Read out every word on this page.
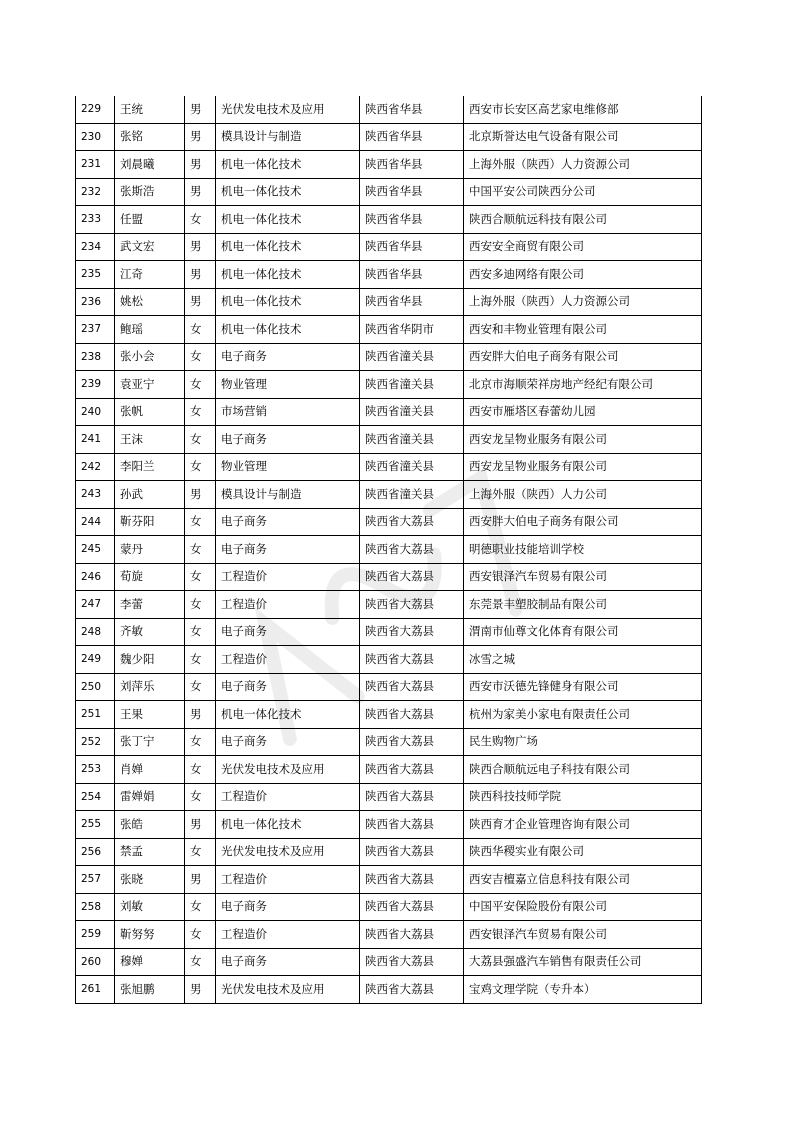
229	王统	男	光伏发电技术及应用	陕西省华县	西安市长安区高艺家电维修部
230	张铭	男	模具设计与制造	陕西省华县	北京斯誉达电气设备有限公司
231	刘晨曦	男	机电一体化技术	陕西省华县	上海外服（陕西）人力资源公司
232	张斯浩	男	机电一体化技术	陕西省华县	中国平安公司陕西分公司
233	任盟	女	机电一体化技术	陕西省华县	陕西合顺航远科技有限公司
234	武文宏	男	机电一体化技术	陕西省华县	西安安全商贸有限公司
235	江奇	男	机电一体化技术	陕西省华县	西安多迪网络有限公司
236	姚松	男	机电一体化技术	陕西省华县	上海外服（陕西）人力资源公司
237	鲍瑶	女	机电一体化技术	陕西省华阴市	西安和丰物业管理有限公司
238	张小会	女	电子商务	陕西省潼关县	西安胖大伯电子商务有限公司
239	袁亚宁	女	物业管理	陕西省潼关县	北京市海顺荣祥房地产经纪有限公司
240	张帆	女	市场营销	陕西省潼关县	西安市雁塔区春蕾幼儿园
241	王沫	女	电子商务	陕西省潼关县	西安龙呈物业服务有限公司
242	李阳兰	女	物业管理	陕西省潼关县	西安龙呈物业服务有限公司
243	孙武	男	模具设计与制造	陕西省潼关县	上海外服（陕西）人力公司
244	靳芬阳	女	电子商务	陕西省大荔县	西安胖大伯电子商务有限公司
245	蒙丹	女	电子商务	陕西省大荔县	明德职业技能培训学校
246	荀旋	女	工程造价	陕西省大荔县	西安银泽汽车贸易有限公司
247	李蕾	女	工程造价	陕西省大荔县	东莞景丰塑胶制品有限公司
248	齐敏	女	电子商务	陕西省大荔县	渭南市仙尊文化体育有限公司
249	魏少阳	女	工程造价	陕西省大荔县	冰雪之城
250	刘萍乐	女	电子商务	陕西省大荔县	西安市沃德先锋健身有限公司
251	王果	男	机电一体化技术	陕西省大荔县	杭州为家美小家电有限责任公司
252	张丁宁	女	电子商务	陕西省大荔县	民生购物广场
253	肖婵	女	光伏发电技术及应用	陕西省大荔县	陕西合顺航远电子科技有限公司
254	雷婵娟	女	工程造价	陕西省大荔县	陕西科技技师学院
255	张皓	男	机电一体化技术	陕西省大荔县	陕西育才企业管理咨询有限公司
256	禁孟	女	光伏发电技术及应用	陕西省大荔县	陕西华稷实业有限公司
257	张晓	男	工程造价	陕西省大荔县	西安吉檀嘉立信息科技有限公司
258	刘敏	女	电子商务	陕西省大荔县	中国平安保险股份有限公司
259	靳努努	女	工程造价	陕西省大荔县	西安银泽汽车贸易有限公司
260	穆婵	女	电子商务	陕西省大荔县	大荔县强盛汽车销售有限责任公司
261	张旭鹏	男	光伏发电技术及应用	陕西省大荔县	宝鸡文理学院（专升本）
